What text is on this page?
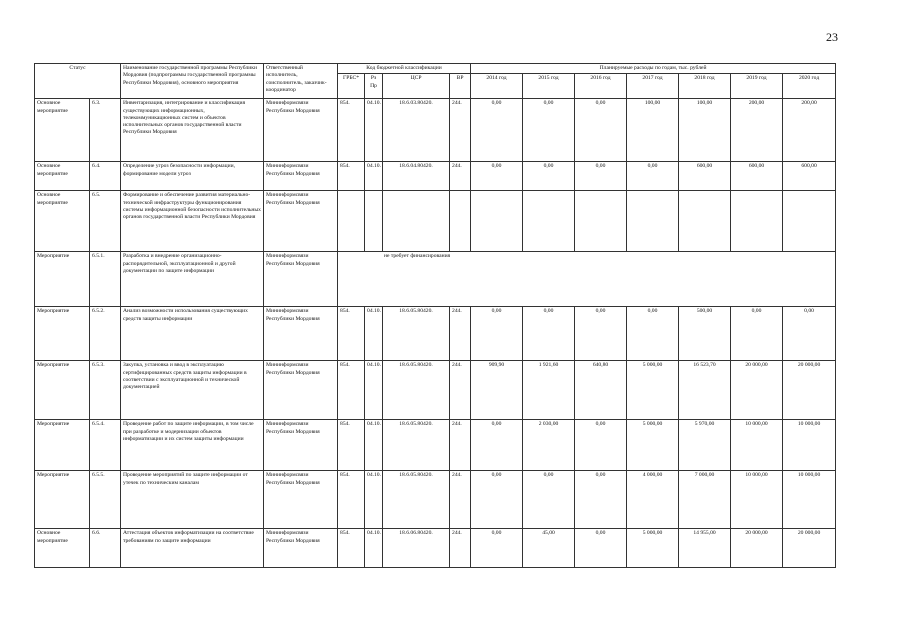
23
Статус		Наименование государственной программы Республики Мордовия (подпрограммы государственной программы Республики Мордовия), основного мероприятия	Ответственный исполнитель, соисполнитель, заказчик-координатор	Код бюджетной классификации				Планируемые расходы по годам, тыс. рублей						
				ГРБС*	Рз Пр	ЦСР	ВР	2014 год	2015 год	2016 год	2017 год	2018 год	2019 год	2020 год
Основное мероприятие	6.3.	Инвентаризация, интегрирование и классификация существующих информационных, телекоммуникационных систем и объектов исполнительных органов государственной власти Республики Мордовия	Мининформсвязи Республики Мордовия	854.	04.10.	18.6.03.80420.	244.	0,00	0,00	0,00	100,00	100,00	200,00	200,00
Основное мероприятие	6.4.	Определение угроз безопасности информации, формирование модели угроз	Мининформсвязи Республики Мордовия	854.	04.10.	18.6.04.80420.	244.	0,00	0,00	0,00	0,00	600,00	600,00	600,00
Основное мероприятие	6.5.	Формирование и обеспечение развития материально-технической инфраструктуры функционирования системы информационной безопасности исполнительных органов государственной власти Республики Мордовия	Мининформсвязи Республики Мордовия											
Мероприятие	6.5.1.	Разработка и внедрение организационно-распорядительной, эксплуатационной и другой документации по защите информации	Мининформсвязи Республики Мордовия	не требует финансирования										
Мероприятие	6.5.2.	Анализ возможности использования существующих средств защиты информации	Мининформсвязи Республики Мордовия	854.	04.10.	18.6.05.80420.	244.	0,00	0,00	0,00	0,00	500,00	0,00	0,00
Мероприятие	6.5.3.	Закупка, установка и ввод в эксплуатацию сертифицированных средств защиты информации в соответствии с эксплуатационной и технической документацией	Мининформсвязи Республики Мордовия	854.	04.10.	18.6.05.80420.	244.	909,90	1 921,60	640,80	5 000,00	16 523,70	20 000,00	20 000,00
Мероприятие	6.5.4.	Проведение работ по защите информации, в том числе при разработке и модернизации объектов информатизации и их систем защиты информации	Мининформсвязи Республики Мордовия	854.	04.10.	18.6.05.80420.	244.	0,00	2 030,00	0,00	5 000,00	5 970,00	10 000,00	10 000,00
Мероприятие	6.5.5.	Проведение мероприятий по защите информации от утечек по техническим каналам	Мининформсвязи Республики Мордовия	854.	04.10.	18.6.05.80420.	244.	0,00	0,00	0,00	4 000,00	7 000,00	10 000,00	10 000,00
Основное мероприятие	6.6.	Аттестация объектов информатизации на соответствие требованиям по защите информации	Мининформсвязи Республики Мордовия	854.	04.10.	18.6.06.80420.	244.	0,00	45,00	0,00	5 000,00	14 955,00	20 000,00	20 000,00
